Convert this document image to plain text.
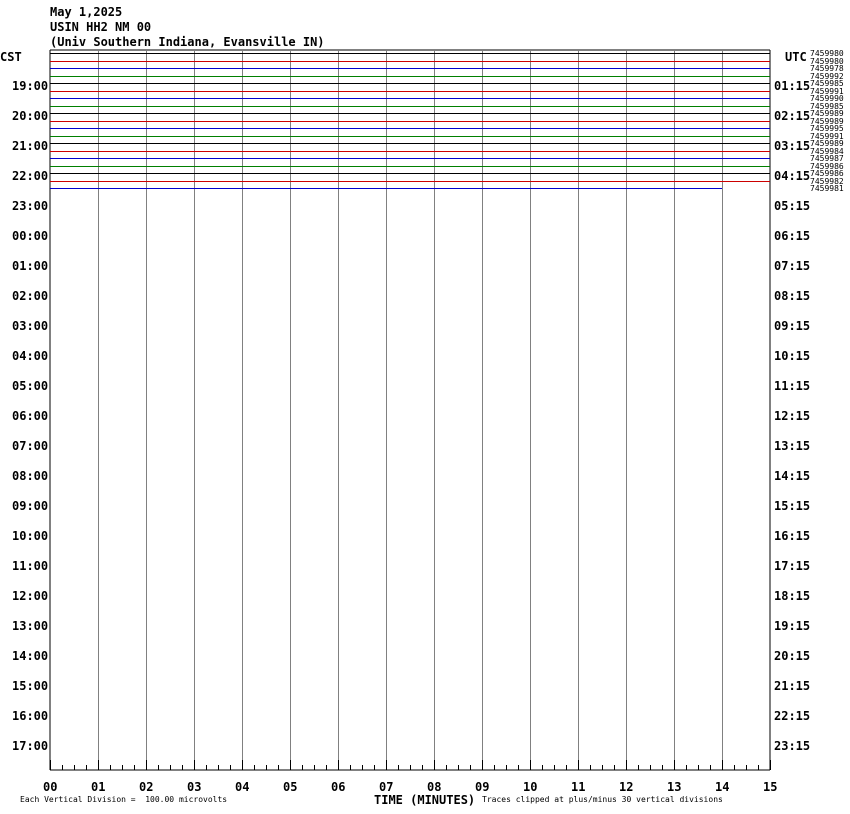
May 1,2025
USIN HH2 NM 00
(Univ Southern Indiana, Evansville IN)
CST	UTC
00	01	02	03	04	05	06	07	08	09	10	11	12	13	14	15
19:00
20:00
21:00
22:00
23:00
00:00
01:00
02:00
03:00
04:00
05:00
06:00
07:00
08:00
09:00
10:00
11:00
12:00
13:00
14:00
15:00
16:00
17:00
01:15
02:15
03:15
04:15
05:15
06:15
07:15
08:15
09:15
10:15
11:15
12:15
13:15
14:15
15:15
16:15
17:15
18:15
19:15
20:15
21:15
22:15
23:15
7459980
7459980
7459978
7459992
7459985
7459991
7459990
7459985
7459989
7459989
7459995
7459991
7459989
7459984
7459987
7459986
7459986
7459982
7459981
TIME (MINUTES)
Each Vertical Division =  100.00 microvolts	Traces clipped at plus/minus 30 vertical divisions
